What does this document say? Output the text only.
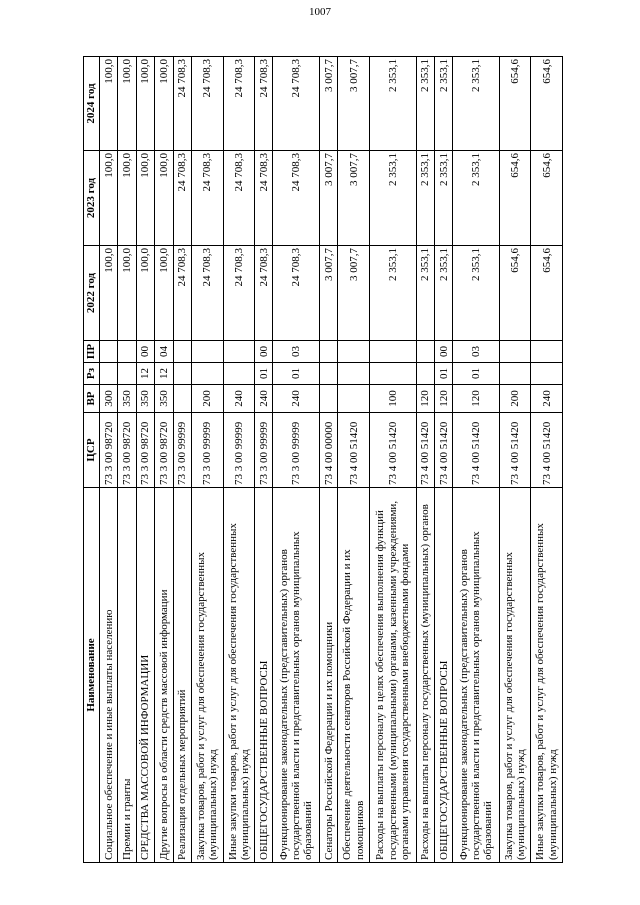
1007
Наименование	ЦСР	ВР	Рз	ПР	2022 год	2023 год	2024 год
Социальное обеспечение и иные выплаты населению	73 3 00 98720	300			100,0	100,0	100,0
Премии и гранты	73 3 00 98720	350			100,0	100,0	100,0
СРЕДСТВА МАССОВОЙ ИНФОРМАЦИИ	73 3 00 98720	350	12	00	100,0	100,0	100,0
Другие вопросы в области средств массовой информации	73 3 00 98720	350	12	04	100,0	100,0	100,0
Реализация отдельных мероприятий	73 3 00 99999				24 708,3	24 708,3	24 708,3
Закупка товаров, работ и услуг для обеспечения государственных (муниципальных) нужд	73 3 00 99999	200			24 708,3	24 708,3	24 708,3
Иные закупки товаров, работ и услуг для обеспечения государственных (муниципальных) нужд	73 3 00 99999	240			24 708,3	24 708,3	24 708,3
ОБЩЕГОСУДАРСТВЕННЫЕ ВОПРОСЫ	73 3 00 99999	240	01	00	24 708,3	24 708,3	24 708,3
Функционирование законодательных (представительных) органов государственной власти и представительных органов муниципальных образований	73 3 00 99999	240	01	03	24 708,3	24 708,3	24 708,3
Сенаторы Российской Федерации и их помощники	73 4 00 00000				3 007,7	3 007,7	3 007,7
Обеспечение деятельности сенаторов Российской Федерации и их помощников	73 4 00 51420				3 007,7	3 007,7	3 007,7
Расходы на выплаты персоналу в целях обеспечения выполнения функций государственными (муниципальными) органами, казенными учреждениями, органами управления государственными внебюджетными фондами	73 4 00 51420	100			2 353,1	2 353,1	2 353,1
Расходы на выплаты персоналу государственных (муниципальных) органов	73 4 00 51420	120			2 353,1	2 353,1	2 353,1
ОБЩЕГОСУДАРСТВЕННЫЕ ВОПРОСЫ	73 4 00 51420	120	01	00	2 353,1	2 353,1	2 353,1
Функционирование законодательных (представительных) органов государственной власти и представительных органов муниципальных образований	73 4 00 51420	120	01	03	2 353,1	2 353,1	2 353,1
Закупка товаров, работ и услуг для обеспечения государственных (муниципальных) нужд	73 4 00 51420	200			654,6	654,6	654,6
Иные закупки товаров, работ и услуг для обеспечения государственных (муниципальных) нужд	73 4 00 51420	240			654,6	654,6	654,6
